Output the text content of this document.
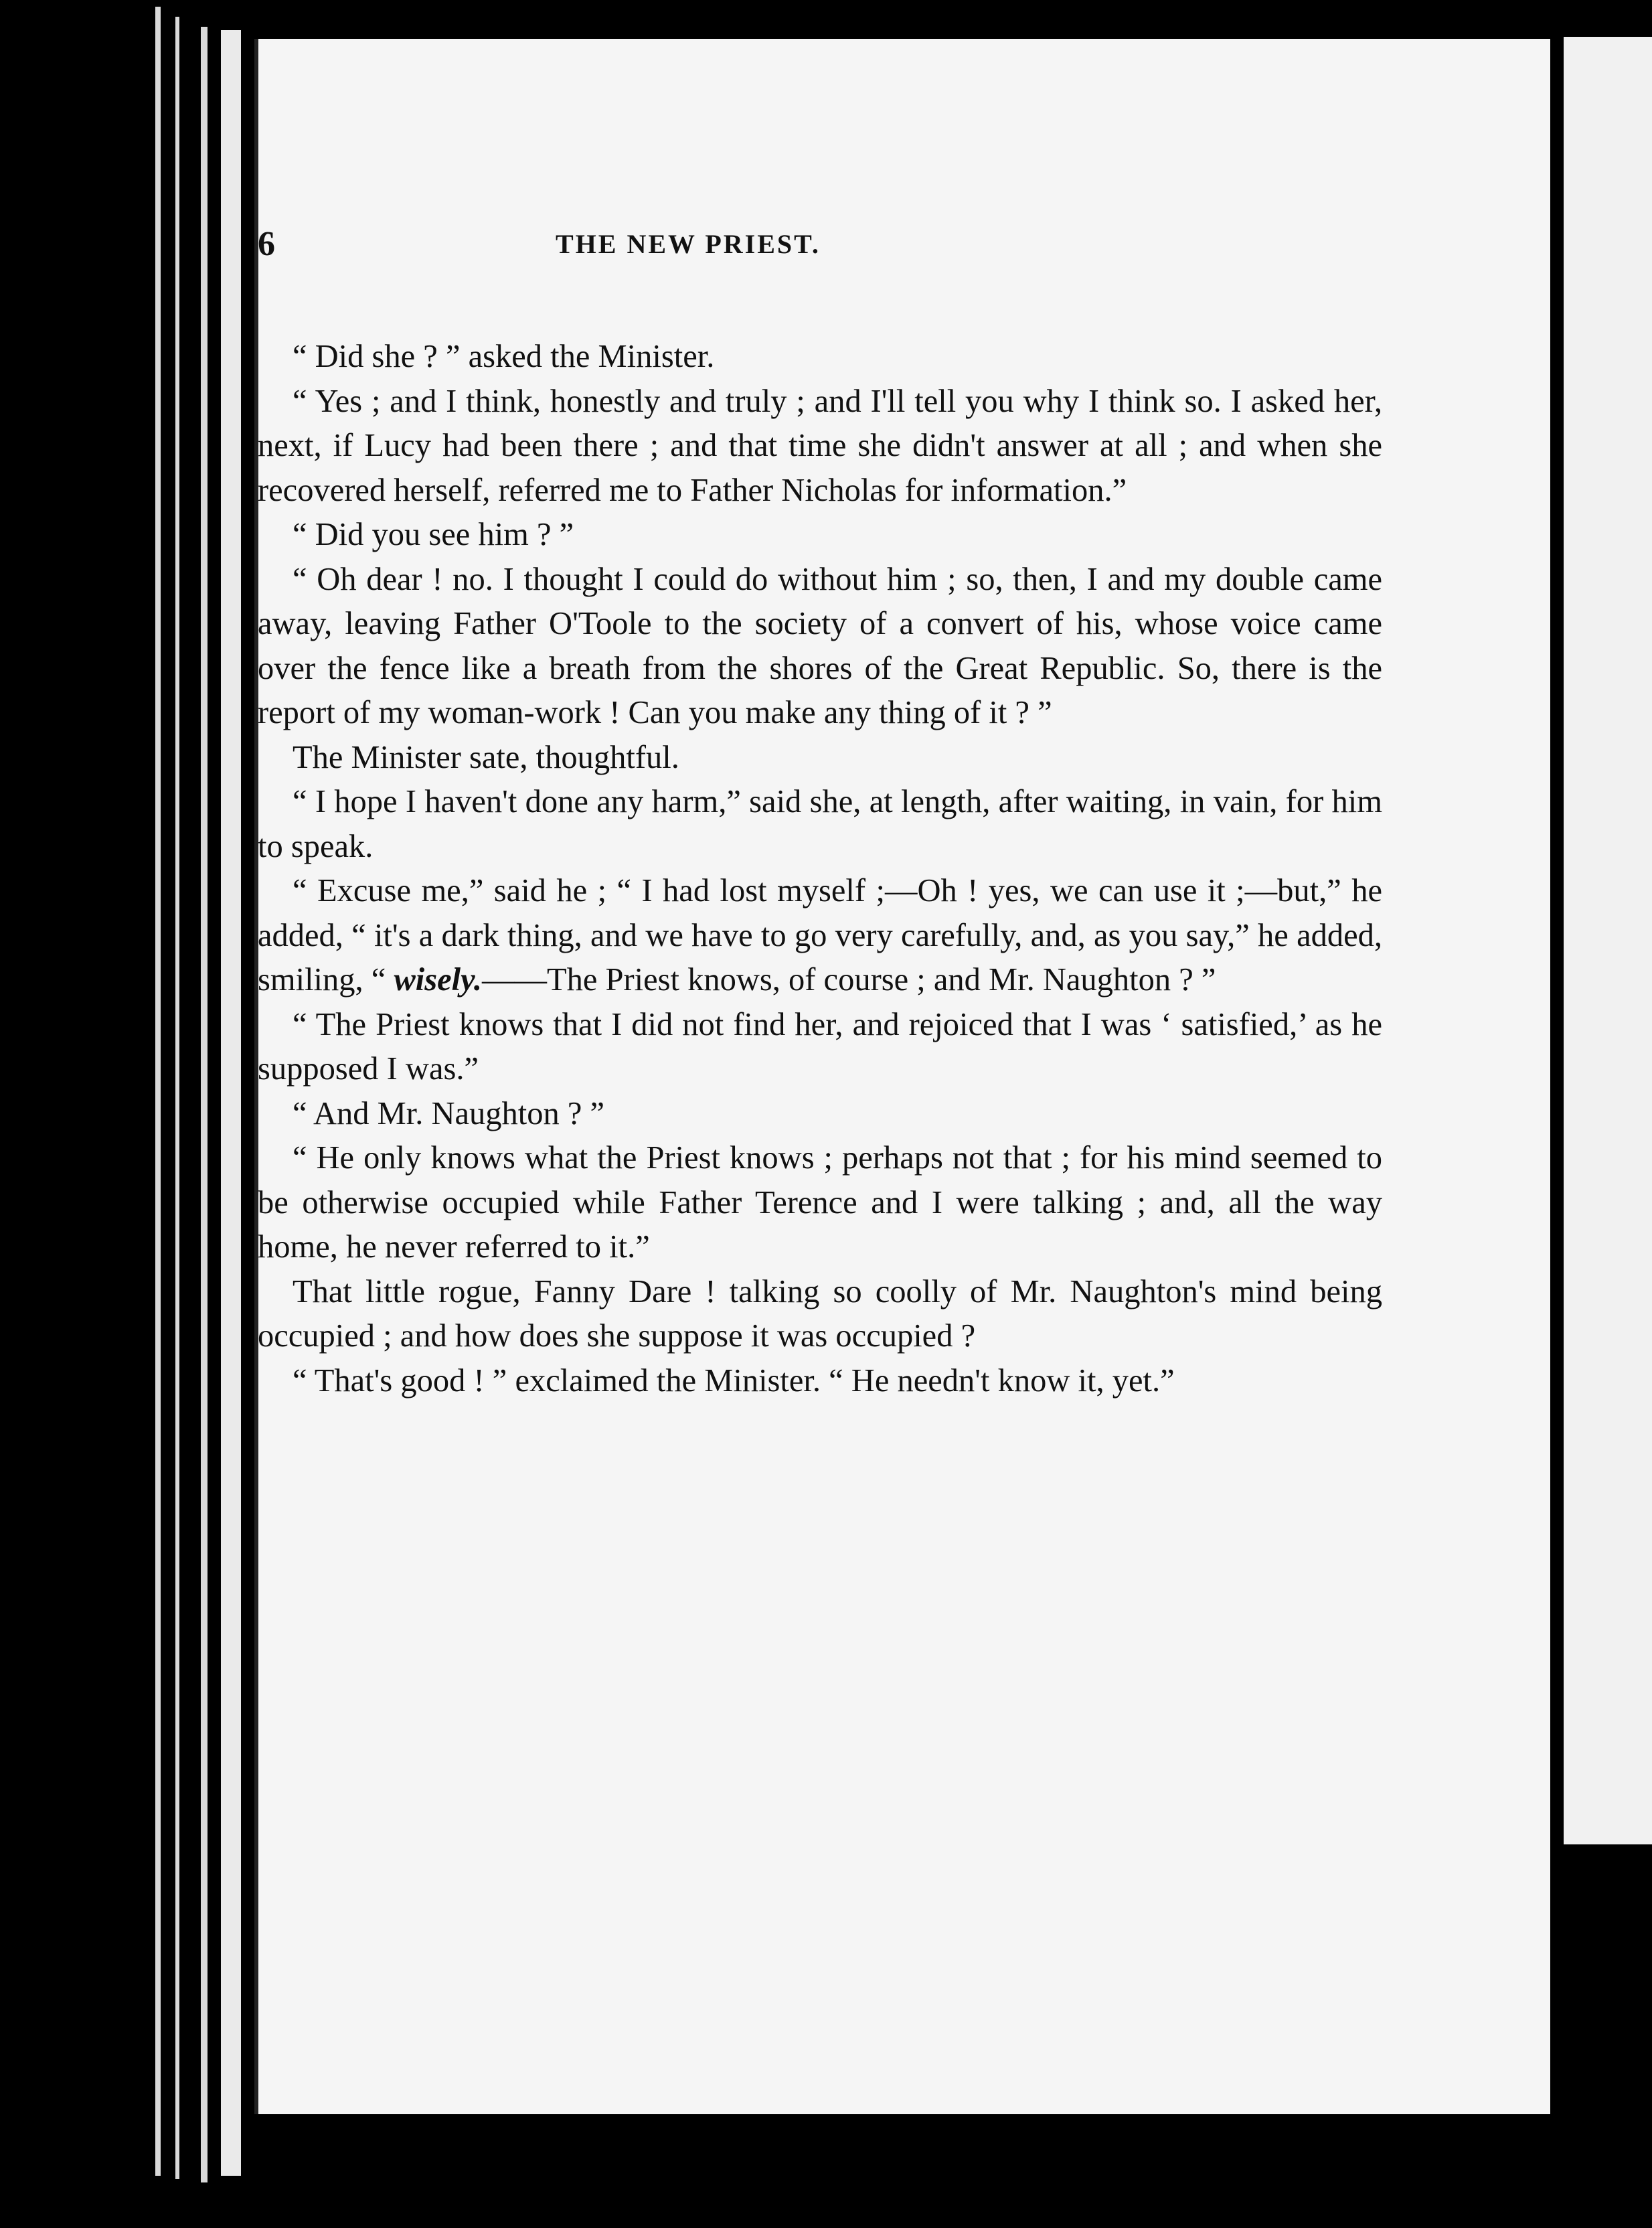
6	THE NEW PRIEST.

“ Did she ? ” asked the Minister.

“ Yes ; and I think, honestly and truly ; and I'll tell you why I think so. I asked her, next, if Lucy had been there ; and that time she didn't answer at all ; and when she recovered herself, referred me to Father Nicholas for information.”

“ Did you see him ? ”

“ Oh dear ! no. I thought I could do without him ; so, then, I and my double came away, leaving Father O'Toole to the society of a convert of his, whose voice came over the fence like a breath from the shores of the Great Republic. So, there is the report of my woman-work ! Can you make any thing of it ? ”

The Minister sate, thoughtful.

“ I hope I haven't done any harm,” said she, at length, after waiting, in vain, for him to speak.

“ Excuse me,” said he ; “ I had lost myself ;—Oh ! yes, we can use it ;—but,” he added, “ it's a dark thing, and we have to go very carefully, and, as you say,” he added, smiling, “ wisely.——The Priest knows, of course ; and Mr. Naughton ? ”

“ The Priest knows that I did not find her, and rejoiced that I was ‘ satisfied,’ as he supposed I was.”

“ And Mr. Naughton ? ”

“ He only knows what the Priest knows ; perhaps not that ; for his mind seemed to be otherwise occupied while Father Terence and I were talking ; and, all the way home, he never referred to it.”

That little rogue, Fanny Dare ! talking so coolly of Mr. Naughton's mind being occupied ; and how does she suppose it was occupied ?

“ That's good ! ” exclaimed the Minister. “ He needn't know it, yet.”
